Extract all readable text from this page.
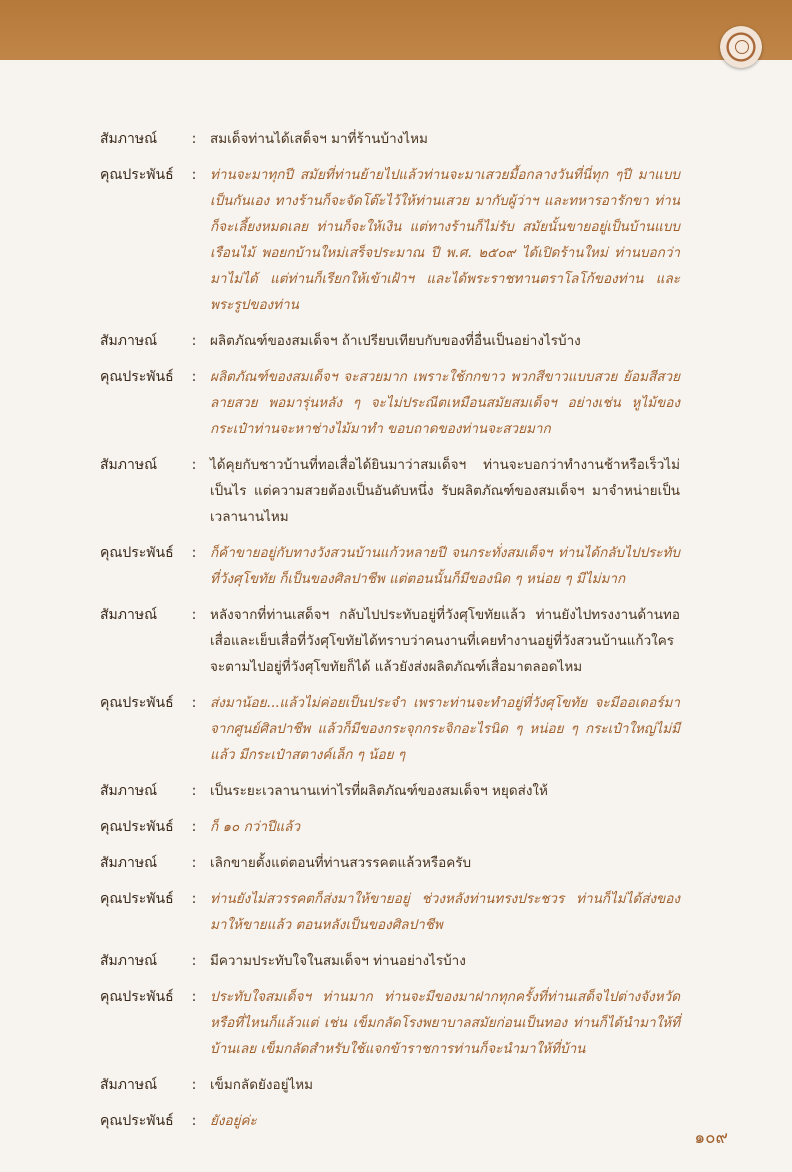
สัมภาษณ์	:	สมเด็จท่านได้เสด็จฯ มาที่ร้านบ้างไหม
คุณประพันธ์	:	ท่านจะมาทุกปี สมัยที่ท่านย้ายไปแล้วท่านจะมาเสวยมื้อกลางวันที่นี่ทุก ๆปี มาแบบเป็นกันเอง ทางร้านก็จะจัดโต๊ะไว้ให้ท่านเสวย มากับผู้ว่าฯ และทหารอารักขา ท่านก็จะเลี้ยงหมดเลย ท่านก็จะให้เงิน แต่ทางร้านก็ไม่รับ สมัยนั้นขายอยู่เป็นบ้านแบบเรือนไม้ พอยกบ้านใหม่เสร็จประมาณ ปี พ.ศ. ๒๕๐๙ ได้เปิดร้านใหม่ ท่านบอกว่ามาไม่ได้ แต่ท่านก็เรียกให้เข้าเฝ้าฯ และได้พระราชทานตราโลโก้ของท่าน และพระรูปของท่าน
สัมภาษณ์	:	ผลิตภัณฑ์ของสมเด็จฯ ถ้าเปรียบเทียบกับของที่อื่นเป็นอย่างไรบ้าง
คุณประพันธ์	:	ผลิตภัณฑ์ของสมเด็จฯ จะสวยมาก เพราะใช้กกขาว พวกสีขาวแบบสวย ย้อมสีสวยลายสวย พอมารุ่นหลัง ๆ จะไม่ประณีตเหมือนสมัยสมเด็จฯ อย่างเช่น หูไม้ของกระเป๋าท่านจะหาช่างไม้มาทำ ขอบถาดของท่านจะสวยมาก
สัมภาษณ์	:	ได้คุยกับชาวบ้านที่ทอเสื่อได้ยินมาว่าสมเด็จฯ ท่านจะบอกว่าทำงานช้าหรือเร็วไม่เป็นไร แต่ความสวยต้องเป็นอันดับหนึ่ง รับผลิตภัณฑ์ของสมเด็จฯ มาจำหน่ายเป็นเวลานานไหม
คุณประพันธ์	:	ก็ค้าขายอยู่กับทางวังสวนบ้านแก้วหลายปี จนกระทั่งสมเด็จฯ ท่านได้กลับไปประทับที่วังศุโขทัย ก็เป็นของศิลปาชีพ แต่ตอนนั้นก็มีของนิด ๆ หน่อย ๆ มีไม่มาก
สัมภาษณ์	:	หลังจากที่ท่านเสด็จฯ กลับไปประทับอยู่ที่วังศุโขทัยแล้ว ท่านยังไปทรงงานด้านทอเสื่อและเย็บเสื่อที่วังศุโขทัยได้ทราบว่าคนงานที่เคยทำงานอยู่ที่วังสวนบ้านแก้วใครจะตามไปอยู่ที่วังศุโขทัยก็ได้ แล้วยังส่งผลิตภัณฑ์เสื่อมาตลอดไหม
คุณประพันธ์	:	ส่งมาน้อย...แล้วไม่ค่อยเป็นประจำ เพราะท่านจะทำอยู่ที่วังศุโขทัย จะมีออเดอร์มาจากศูนย์ศิลปาชีพ แล้วก็มีของกระจุกกระจิกอะไรนิด ๆ หน่อย ๆ กระเป๋าใหญ่ไม่มีแล้ว มีกระเป๋าสตางค์เล็ก ๆ น้อย ๆ
สัมภาษณ์	:	เป็นระยะเวลานานเท่าไรที่ผลิตภัณฑ์ของสมเด็จฯ หยุดส่งให้
คุณประพันธ์	:	ก็ ๑๐ กว่าปีแล้ว
สัมภาษณ์	:	เลิกขายตั้งแต่ตอนที่ท่านสวรรคตแล้วหรือครับ
คุณประพันธ์	:	ท่านยังไม่สวรรคตก็ส่งมาให้ขายอยู่ ช่วงหลังท่านทรงประชวร ท่านก็ไม่ได้ส่งของมาให้ขายแล้ว ตอนหลังเป็นของศิลปาชีพ
สัมภาษณ์	:	มีความประทับใจในสมเด็จฯ ท่านอย่างไรบ้าง
คุณประพันธ์	:	ประทับใจสมเด็จฯ ท่านมาก ท่านจะมีของมาฝากทุกครั้งที่ท่านเสด็จไปต่างจังหวัดหรือที่ไหนก็แล้วแต่ เช่น เข็มกลัดโรงพยาบาลสมัยก่อนเป็นทอง ท่านก็ได้นำมาให้ที่บ้านเลย เข็มกลัดสำหรับใช้แจกข้าราชการท่านก็จะนำมาให้ที่บ้าน
สัมภาษณ์	:	เข็มกลัดยังอยู่ไหม
คุณประพันธ์	:	ยังอยู่ค่ะ
๑๐๙
